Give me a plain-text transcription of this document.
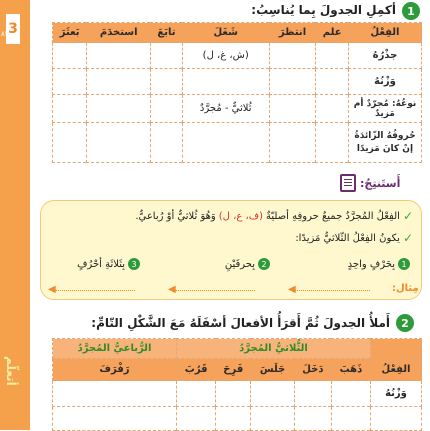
3
٨٢
أتعلّم
1
أكمِلِ الجدولَ بِما يُناسِبُ:
الفِعْلُ	علم	انتظرَ	شَغَلَ	تابَعَ	استخدَمَ	بَعثَرَ
جذْرُهُ			(ش، غ، ل)			
وَزْنُهُ						
نوعُهُ: مُجرّدٌ أم مَزيدٌ			ثُلاثيٌّ - مُجرَّدٌ			
حُروفُهُ الزّائدَةُ إنْ كانَ مَزيدًا						
أَستَنتِجُ:
✓
الفِعْلُ المُجرَّدُ جميعُ حروفِهِ أصليّةٌ
(ف، ع، ل)
وَهُوَ ثُلاثيٌّ أوْ رُباعيٌّ.
✓
يكونُ الفِعْلُ الثّلاثيُّ مَزيدًا:
1
بِحَرْفٍ واحِدٍ
2
بِحرفَيْنِ
3
بِثَلاثَةِ أحْرُفٍ
◀
◀
◀	مِثال:
2
أَملأُ الجدولَ ثُمَّ أَقرَأُ الأفعالَ أسْفَلَهُ مَعَ الشَّكْلِ التّامِّ:
	الثُّلاثيُّ المُجرَّدُ					الرُّباعيُّ المُجرَّدُ
الفِعْلُ	ذَهَبَ	دَخَلَ	جَلَسَ	فَرِحَ	قَرُبَ	رَفْرَفَ
وَزْنُهُ						
